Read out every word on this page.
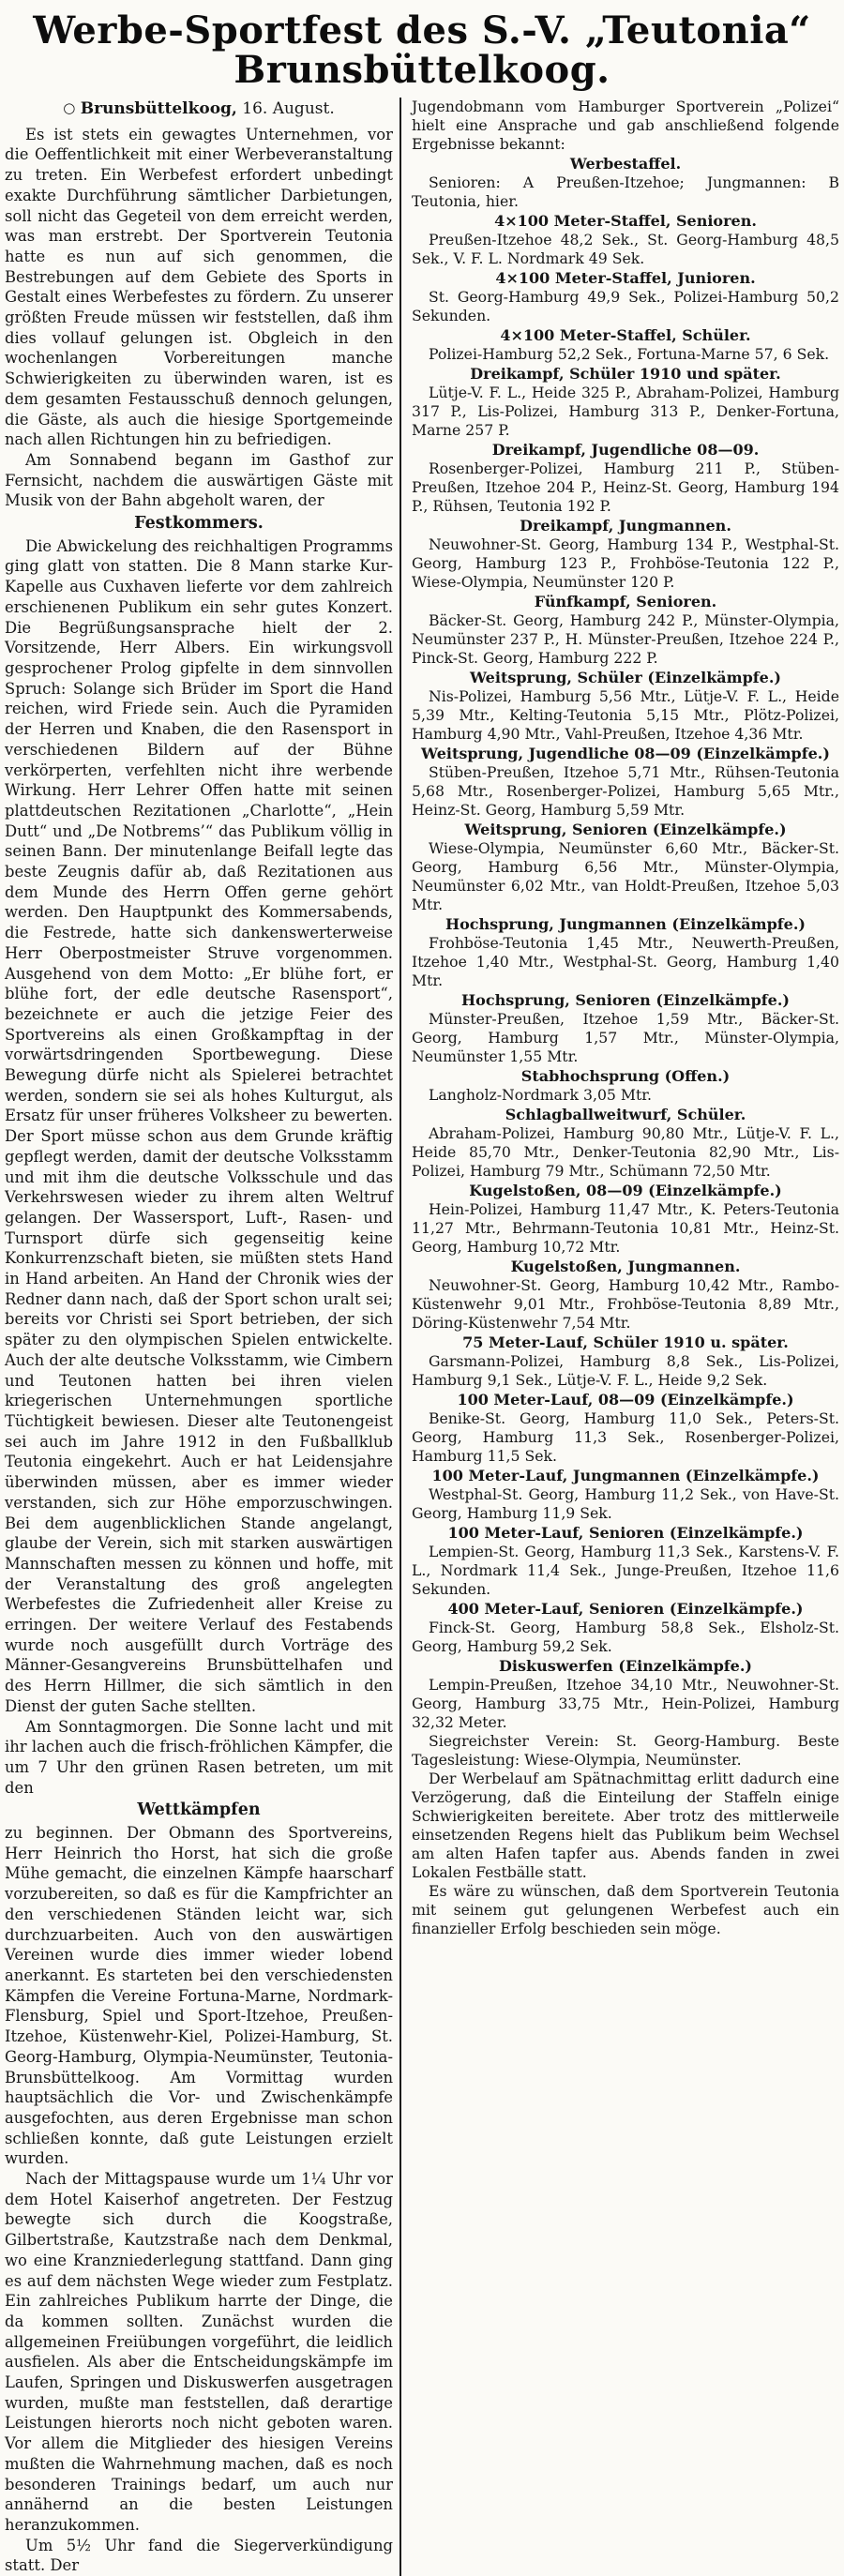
Werbe-Sportfest des S.-V. „Teutonia“ Brunsbüttelkoog.

○ Brunsbüttelkoog, 16. August.

Es ist stets ein gewagtes Unternehmen, vor die Oeffentlichkeit mit einer Werbeveranstaltung zu treten. Ein Werbefest erfordert unbedingt exakte Durchführung sämtlicher Darbietungen, soll nicht das Gegeteil von dem erreicht werden, was man erstrebt. Der Sportverein Teutonia hatte es nun auf sich genommen, die Bestrebungen auf dem Gebiete des Sports in Gestalt eines Werbefestes zu fördern. Zu unserer größten Freude müssen wir feststellen, daß ihm dies vollauf gelungen ist. Obgleich in den wochenlangen Vorbereitungen manche Schwierigkeiten zu überwinden waren, ist es dem gesamten Festausschuß dennoch gelungen, die Gäste, als auch die hiesige Sportgemeinde nach allen Richtungen hin zu befriedigen.

Am Sonnabend begann im Gasthof zur Fernsicht, nachdem die auswärtigen Gäste mit Musik von der Bahn abgeholt waren, der

Festkommers.

Die Abwickelung des reichhaltigen Programms ging glatt von statten. Die 8 Mann starke Kur-Kapelle aus Cuxhaven lieferte vor dem zahlreich erschienenen Publikum ein sehr gutes Konzert. Die Begrüßungsansprache hielt der 2. Vorsitzende, Herr Albers. Ein wirkungsvoll gesprochener Prolog gipfelte in dem sinnvollen Spruch: Solange sich Brüder im Sport die Hand reichen, wird Friede sein. Auch die Pyramiden der Herren und Knaben, die den Rasensport in verschiedenen Bildern auf der Bühne verkörperten, verfehlten nicht ihre werbende Wirkung. Herr Lehrer Offen hatte mit seinen plattdeutschen Rezitationen „Charlotte“, „Hein Dutt“ und „De Notbrems’“ das Publikum völlig in seinen Bann. Der minutenlange Beifall legte das beste Zeugnis dafür ab, daß Rezitationen aus dem Munde des Herrn Offen gerne gehört werden. Den Hauptpunkt des Kommersabends, die Festrede, hatte sich dankenswerterweise Herr Oberpostmeister Struve vorgenommen. Ausgehend von dem Motto: „Er blühe fort, er blühe fort, der edle deutsche Rasensport“, bezeichnete er auch die jetzige Feier des Sportvereins als einen Großkampftag in der vorwärtsdringenden Sportbewegung. Diese Bewegung dürfe nicht als Spielerei betrachtet werden, sondern sie sei als hohes Kulturgut, als Ersatz für unser früheres Volksheer zu bewerten. Der Sport müsse schon aus dem Grunde kräftig gepflegt werden, damit der deutsche Volksstamm und mit ihm die deutsche Volksschule und das Verkehrswesen wieder zu ihrem alten Weltruf gelangen. Der Wassersport, Luft-, Rasen- und Turnsport dürfe sich gegenseitig keine Konkurrenzschaft bieten, sie müßten stets Hand in Hand arbeiten. An Hand der Chronik wies der Redner dann nach, daß der Sport schon uralt sei; bereits vor Christi sei Sport betrieben, der sich später zu den olympischen Spielen entwickelte. Auch der alte deutsche Volksstamm, wie Cimbern und Teutonen hatten bei ihren vielen kriegerischen Unternehmungen sportliche Tüchtigkeit bewiesen. Dieser alte Teutonengeist sei auch im Jahre 1912 in den Fußballklub Teutonia eingekehrt. Auch er hat Leidensjahre überwinden müssen, aber es immer wieder verstanden, sich zur Höhe emporzuschwingen. Bei dem augenblicklichen Stande angelangt, glaube der Verein, sich mit starken auswärtigen Mannschaften messen zu können und hoffe, mit der Veranstaltung des groß angelegten Werbefestes die Zufriedenheit aller Kreise zu erringen. Der weitere Verlauf des Festabends wurde noch ausgefüllt durch Vorträge des Männer-Gesangvereins Brunsbüttelhafen und des Herrn Hillmer, die sich sämtlich in den Dienst der guten Sache stellten.

Am Sonntagmorgen. Die Sonne lacht und mit ihr lachen auch die frisch-fröhlichen Kämpfer, die um 7 Uhr den grünen Rasen betreten, um mit den

Wettkämpfen

zu beginnen. Der Obmann des Sportvereins, Herr Heinrich tho Horst, hat sich die große Mühe gemacht, die einzelnen Kämpfe haarscharf vorzubereiten, so daß es für die Kampfrichter an den verschiedenen Ständen leicht war, sich durchzuarbeiten. Auch von den auswärtigen Vereinen wurde dies immer wieder lobend anerkannt. Es starteten bei den verschiedensten Kämpfen die Vereine Fortuna-Marne, Nordmark-Flensburg, Spiel und Sport-Itzehoe, Preußen-Itzehoe, Küstenwehr-Kiel, Polizei-Hamburg, St. Georg-Hamburg, Olympia-Neumünster, Teutonia-Brunsbüttelkoog. Am Vormittag wurden hauptsächlich die Vor- und Zwischenkämpfe ausgefochten, aus deren Ergebnisse man schon schließen konnte, daß gute Leistungen erzielt wurden.

Nach der Mittagspause wurde um 1¼ Uhr vor dem Hotel Kaiserhof angetreten. Der Festzug bewegte sich durch die Koogstraße, Gilbertstraße, Kautzstraße nach dem Denkmal, wo eine Kranzniederlegung stattfand. Dann ging es auf dem nächsten Wege wieder zum Festplatz. Ein zahlreiches Publikum harrte der Dinge, die da kommen sollten. Zunächst wurden die allgemeinen Freiübungen vorgeführt, die leidlich ausfielen. Als aber die Entscheidungskämpfe im Laufen, Springen und Diskuswerfen ausgetragen wurden, mußte man feststellen, daß derartige Leistungen hierorts noch nicht geboten waren. Vor allem die Mitglieder des hiesigen Vereins mußten die Wahrnehmung machen, daß es noch besonderen Trainings bedarf, um auch nur annähernd an die besten Leistungen heranzukommen.

Um 5½ Uhr fand die Siegerverkündigung statt. Der

Jugendobmann vom Hamburger Sportverein „Polizei“ hielt eine Ansprache und gab anschließend folgende Ergebnisse bekannt:

Werbestaffel.

Senioren: A Preußen-Itzehoe; Jungmannen: B Teutonia, hier.

4×100 Meter-Staffel, Senioren.

Preußen-Itzehoe 48,2 Sek., St. Georg-Hamburg 48,5 Sek., V. F. L. Nordmark 49 Sek.

4×100 Meter-Staffel, Junioren.

St. Georg-Hamburg 49,9 Sek., Polizei-Hamburg 50,2 Sekunden.

4×100 Meter-Staffel, Schüler.

Polizei-Hamburg 52,2 Sek., Fortuna-Marne 57, 6 Sek.

Dreikampf, Schüler 1910 und später.

Lütje-V. F. L., Heide 325 P., Abraham-Polizei, Hamburg 317 P., Lis-Polizei, Hamburg 313 P., Denker-Fortuna, Marne 257 P.

Dreikampf, Jugendliche 08—09.

Rosenberger-Polizei, Hamburg 211 P., Stüben-Preußen, Itzehoe 204 P., Heinz-St. Georg, Hamburg 194 P., Rühsen, Teutonia 192 P.

Dreikampf, Jungmannen.

Neuwohner-St. Georg, Hamburg 134 P., Westphal-St. Georg, Hamburg 123 P., Frohböse-Teutonia 122 P., Wiese-Olympia, Neumünster 120 P.

Fünfkampf, Senioren.

Bäcker-St. Georg, Hamburg 242 P., Münster-Olympia, Neumünster 237 P., H. Münster-Preußen, Itzehoe 224 P., Pinck-St. Georg, Hamburg 222 P.

Weitsprung, Schüler (Einzelkämpfe.)

Nis-Polizei, Hamburg 5,56 Mtr., Lütje-V. F. L., Heide 5,39 Mtr., Kelting-Teutonia 5,15 Mtr., Plötz-Polizei, Hamburg 4,90 Mtr., Vahl-Preußen, Itzehoe 4,36 Mtr.

Weitsprung, Jugendliche 08—09 (Einzelkämpfe.)

Stüben-Preußen, Itzehoe 5,71 Mtr., Rühsen-Teutonia 5,68 Mtr., Rosenberger-Polizei, Hamburg 5,65 Mtr., Heinz-St. Georg, Hamburg 5,59 Mtr.

Weitsprung, Senioren (Einzelkämpfe.)

Wiese-Olympia, Neumünster 6,60 Mtr., Bäcker-St. Georg, Hamburg 6,56 Mtr., Münster-Olympia, Neumünster 6,02 Mtr., van Holdt-Preußen, Itzehoe 5,03 Mtr.

Hochsprung, Jungmannen (Einzelkämpfe.)

Frohböse-Teutonia 1,45 Mtr., Neuwerth-Preußen, Itzehoe 1,40 Mtr., Westphal-St. Georg, Hamburg 1,40 Mtr.

Hochsprung, Senioren (Einzelkämpfe.)

Münster-Preußen, Itzehoe 1,59 Mtr., Bäcker-St. Georg, Hamburg 1,57 Mtr., Münster-Olympia, Neumünster 1,55 Mtr.

Stabhochsprung (Offen.)

Langholz-Nordmark 3,05 Mtr.

Schlagballweitwurf, Schüler.

Abraham-Polizei, Hamburg 90,80 Mtr., Lütje-V. F. L., Heide 85,70 Mtr., Denker-Teutonia 82,90 Mtr., Lis-Polizei, Hamburg 79 Mtr., Schümann 72,50 Mtr.

Kugelstoßen, 08—09 (Einzelkämpfe.)

Hein-Polizei, Hamburg 11,47 Mtr., K. Peters-Teutonia 11,27 Mtr., Behrmann-Teutonia 10,81 Mtr., Heinz-St. Georg, Hamburg 10,72 Mtr.

Kugelstoßen, Jungmannen.

Neuwohner-St. Georg, Hamburg 10,42 Mtr., Rambo-Küstenwehr 9,01 Mtr., Frohböse-Teutonia 8,89 Mtr., Döring-Küstenwehr 7,54 Mtr.

75 Meter-Lauf, Schüler 1910 u. später.

Garsmann-Polizei, Hamburg 8,8 Sek., Lis-Polizei, Hamburg 9,1 Sek., Lütje-V. F. L., Heide 9,2 Sek.

100 Meter-Lauf, 08—09 (Einzelkämpfe.)

Benike-St. Georg, Hamburg 11,0 Sek., Peters-St. Georg, Hamburg 11,3 Sek., Rosenberger-Polizei, Hamburg 11,5 Sek.

100 Meter-Lauf, Jungmannen (Einzelkämpfe.)

Westphal-St. Georg, Hamburg 11,2 Sek., von Have-St. Georg, Hamburg 11,9 Sek.

100 Meter-Lauf, Senioren (Einzelkämpfe.)

Lempien-St. Georg, Hamburg 11,3 Sek., Karstens-V. F. L., Nordmark 11,4 Sek., Junge-Preußen, Itzehoe 11,6 Sekunden.

400 Meter-Lauf, Senioren (Einzelkämpfe.)

Finck-St. Georg, Hamburg 58,8 Sek., Elsholz-St. Georg, Hamburg 59,2 Sek.

Diskuswerfen (Einzelkämpfe.)

Lempin-Preußen, Itzehoe 34,10 Mtr., Neuwohner-St. Georg, Hamburg 33,75 Mtr., Hein-Polizei, Hamburg 32,32 Meter.

Siegreichster Verein: St. Georg-Hamburg. Beste Tagesleistung: Wiese-Olympia, Neumünster.

Der Werbelauf am Spätnachmittag erlitt dadurch eine Verzögerung, daß die Einteilung der Staffeln einige Schwierigkeiten bereitete. Aber trotz des mittlerweile einsetzenden Regens hielt das Publikum beim Wechsel am alten Hafen tapfer aus. Abends fanden in zwei Lokalen Festbälle statt.

Es wäre zu wünschen, daß dem Sportverein Teutonia mit seinem gut gelungenen Werbefest auch ein finanzieller Erfolg beschieden sein möge.
